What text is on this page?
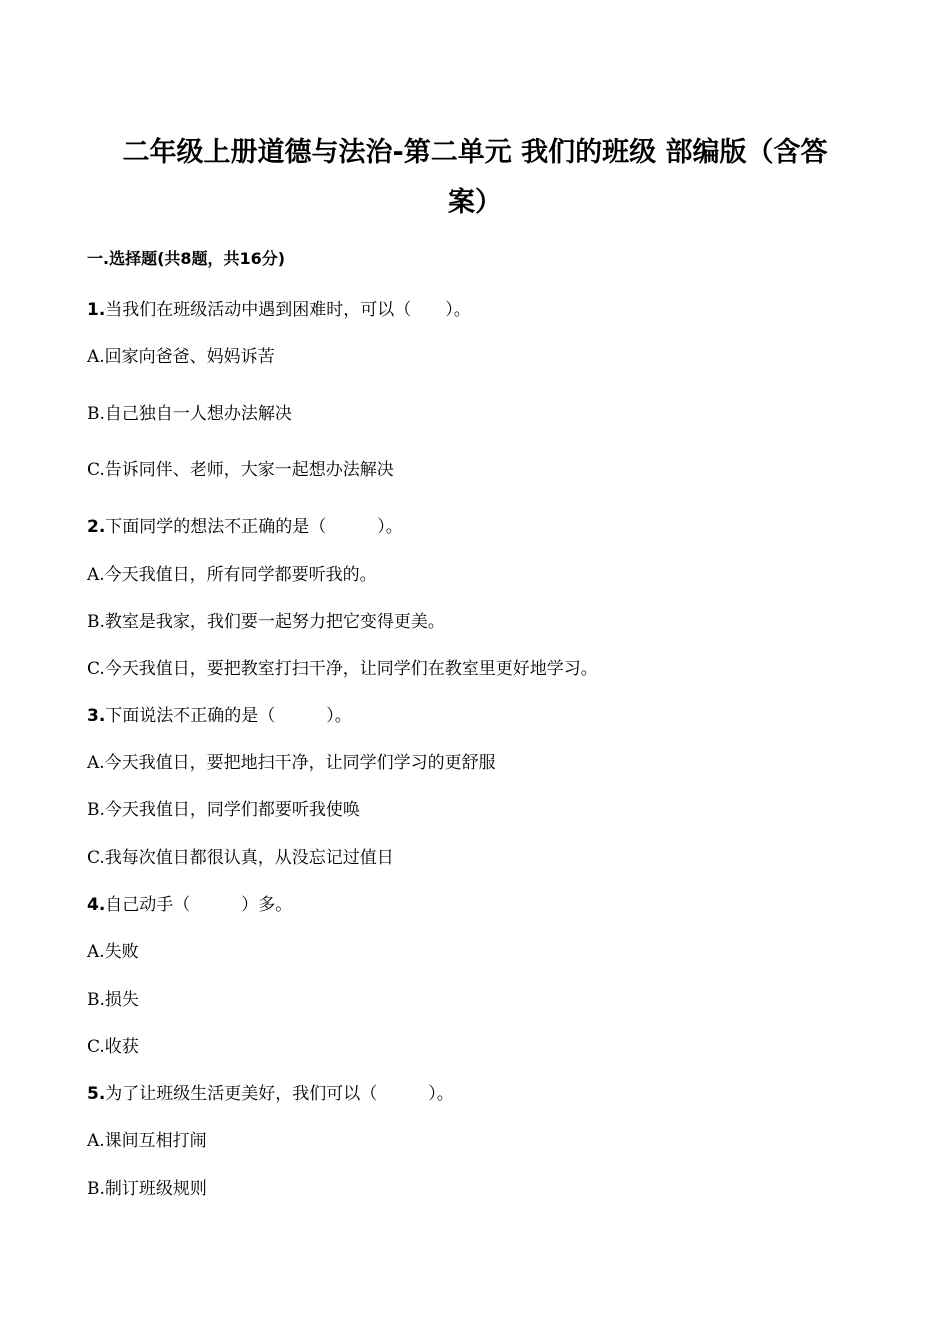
二年级上册道德与法治-第二单元 我们的班级 部编版（含答
案）
一.选择题(共8题，共16分)
1.当我们在班级活动中遇到困难时，可以（　　）。
A.回家向爸爸、妈妈诉苦
B.自己独自一人想办法解决
C.告诉同伴、老师，大家一起想办法解决
2.下面同学的想法不正确的是（　　　）。
A.今天我值日，所有同学都要听我的。
B.教室是我家，我们要一起努力把它变得更美。
C.今天我值日，要把教室打扫干净，让同学们在教室里更好地学习。
3.下面说法不正确的是（　　　）。
A.今天我值日，要把地扫干净，让同学们学习的更舒服
B.今天我值日，同学们都要听我使唤
C.我每次值日都很认真，从没忘记过值日
4.自己动手（　　　）多。
A.失败
B.损失
C.收获
5.为了让班级生活更美好，我们可以（　　　）。
A.课间互相打闹
B.制订班级规则
